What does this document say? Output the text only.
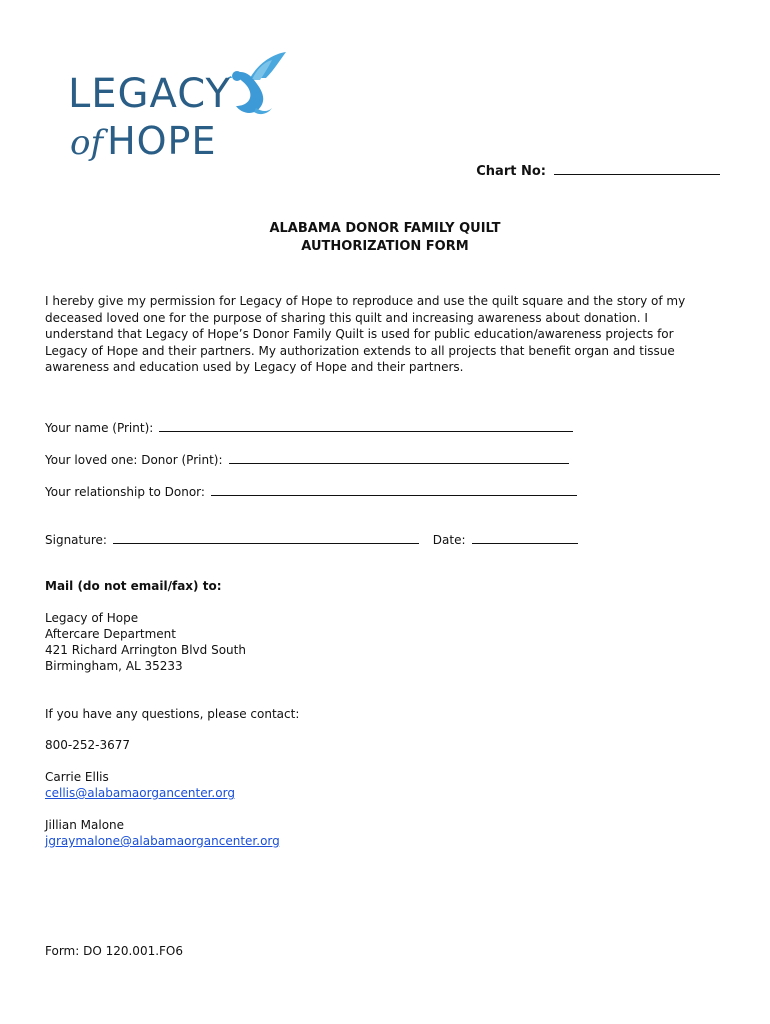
LEGACY
of HOPE
Chart No:
ALABAMA DONOR FAMILY QUILT
AUTHORIZATION FORM
I hereby give my permission for Legacy of Hope to reproduce and use the quilt square and the story of my deceased loved one for the purpose of sharing this quilt and increasing awareness about donation. I understand that Legacy of Hope’s Donor Family Quilt is used for public education/awareness projects for Legacy of Hope and their partners. My authorization extends to all projects that benefit organ and tissue awareness and education used by Legacy of Hope and their partners.
Your name (Print):
Your loved one: Donor (Print):
Your relationship to Donor:
Signature:	Date:
Mail (do not email/fax) to:
Legacy of Hope
Aftercare Department
421 Richard Arrington Blvd South
Birmingham, AL 35233
If you have any questions, please contact:
800-252-3677
Carrie Ellis
cellis@alabamaorgancenter.org
Jillian Malone
jgraymalone@alabamaorgancenter.org
Form: DO 120.001.FO6
